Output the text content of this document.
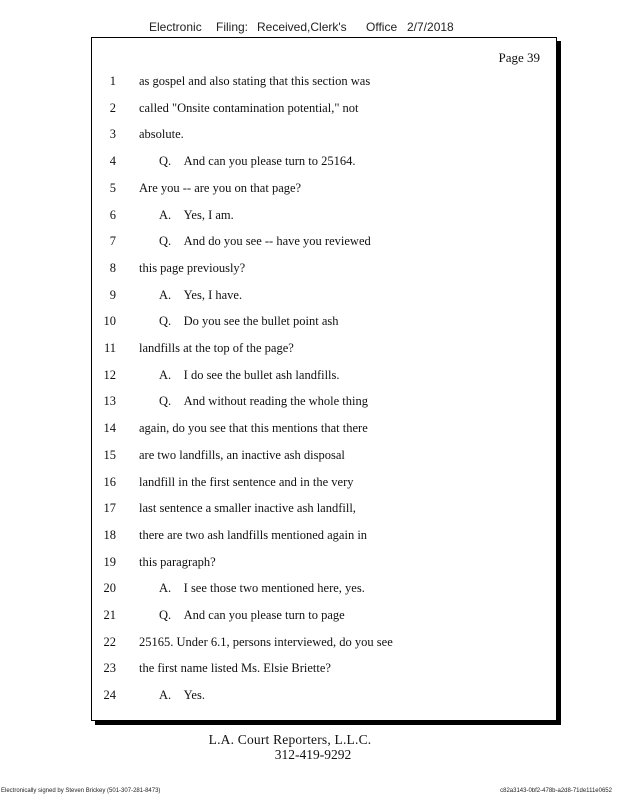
Electronic Filing: Received,Clerk's Office 2/7/2018
Page 39
1 as gospel and also stating that this section was
2 called "Onsite contamination potential," not
3 absolute.
4	Q. And can you please turn to 25164.
5 Are you -- are you on that page?
6	A. Yes, I am.
7	Q. And do you see -- have you reviewed
8 this page previously?
9	A. Yes, I have.
10	Q. Do you see the bullet point ash
11 landfills at the top of the page?
12	A. I do see the bullet ash landfills.
13	Q. And without reading the whole thing
14 again, do you see that this mentions that there
15 are two landfills, an inactive ash disposal
16 landfill in the first sentence and in the very
17 last sentence a smaller inactive ash landfill,
18 there are two ash landfills mentioned again in
19 this paragraph?
20	A. I see those two mentioned here, yes.
21	Q. And can you please turn to page
22 25165. Under 6.1, persons interviewed, do you see
23 the first name listed Ms. Elsie Briette?
24	A. Yes.
L.A. Court Reporters, L.L.C.
312-419-9292
Electronically signed by Steven Brickey (501-307-281-8473)	c82a3143-0bf2-478b-a2d8-71de111e0652
